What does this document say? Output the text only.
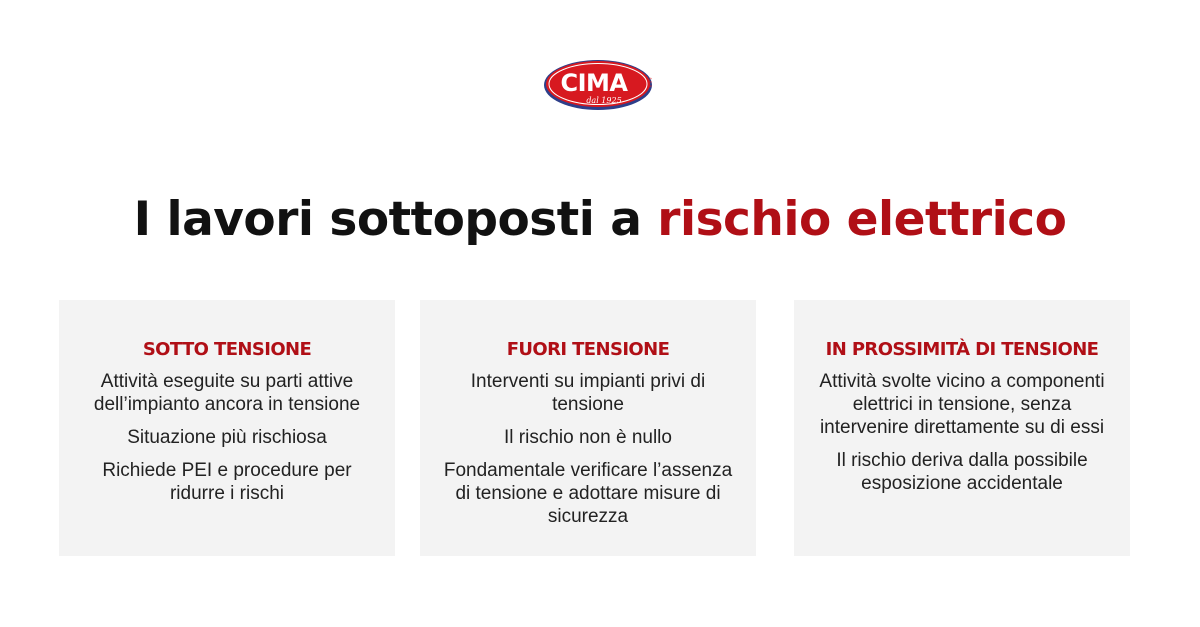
CIMA
dal 1925
s.p.a.
I lavori sottoposti a rischio elettrico
SOTTO TENSIONE
Attività eseguite su parti attive dell’impianto ancora in tensione
Situazione più rischiosa
Richiede PEI e procedure per ridurre i rischi
FUORI TENSIONE
Interventi su impianti privi di tensione
Il rischio non è nullo
Fondamentale verificare l’assenza di tensione e adottare misure di sicurezza
IN PROSSIMITÀ DI TENSIONE
Attività svolte vicino a componenti elettrici in tensione, senza intervenire direttamente su di essi
Il rischio deriva dalla possibile esposizione accidentale
